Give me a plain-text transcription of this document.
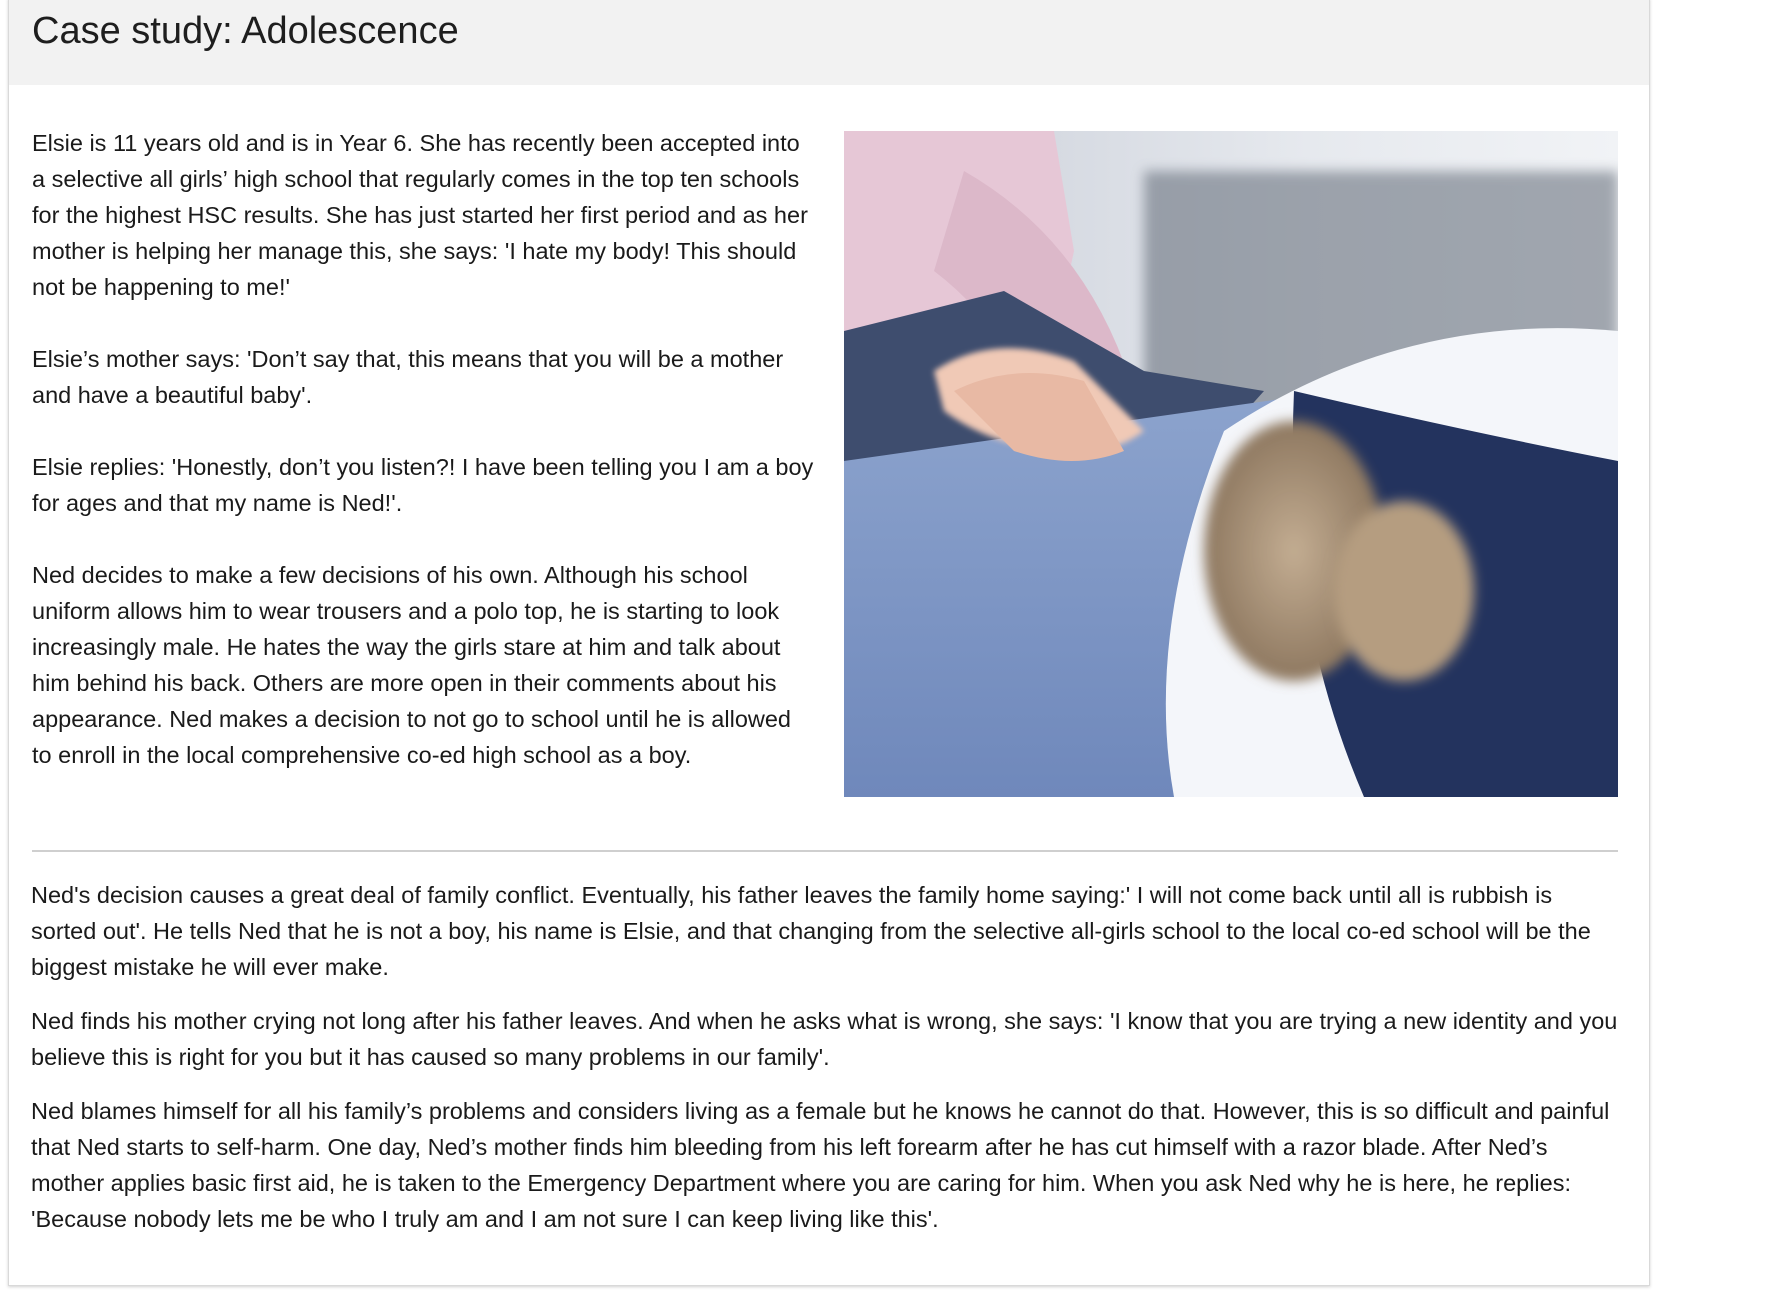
Case study: Adolescence

Elsie is 11 years old and is in Year 6. She has recently been accepted into a selective all girls’ high school that regularly comes in the top ten schools for the highest HSC results. She has just started her first period and as her mother is helping her manage this, she says: 'I hate my body! This should not be happening to me!'

Elsie’s mother says: 'Don’t say that, this means that you will be a mother and have a beautiful baby'.

Elsie replies: 'Honestly, don’t you listen?! I have been telling you I am a boy for ages and that my name is Ned!'.

Ned decides to make a few decisions of his own. Although his school uniform allows him to wear trousers and a polo top, he is starting to look increasingly male. He hates the way the girls stare at him and talk about him behind his back. Others are more open in their comments about his appearance. Ned makes a decision to not go to school until he is allowed to enroll in the local comprehensive co-ed high school as a boy.

Ned's decision causes a great deal of family conflict. Eventually, his father leaves the family home saying:' I will not come back until all is rubbish is sorted out'. He tells Ned that he is not a boy, his name is Elsie, and that changing from the selective all-girls school to the local co-ed school will be the biggest mistake he will ever make.

Ned finds his mother crying not long after his father leaves. And when he asks what is wrong, she says: 'I know that you are trying a new identity and you believe this is right for you but it has caused so many problems in our family'.

Ned blames himself for all his family’s problems and considers living as a female but he knows he cannot do that. However, this is so difficult and painful that Ned starts to self-harm. One day, Ned’s mother finds him bleeding from his left forearm after he has cut himself with a razor blade. After Ned’s mother applies basic first aid, he is taken to the Emergency Department where you are caring for him. When you ask Ned why he is here, he replies: 'Because nobody lets me be who I truly am and I am not sure I can keep living like this'.
